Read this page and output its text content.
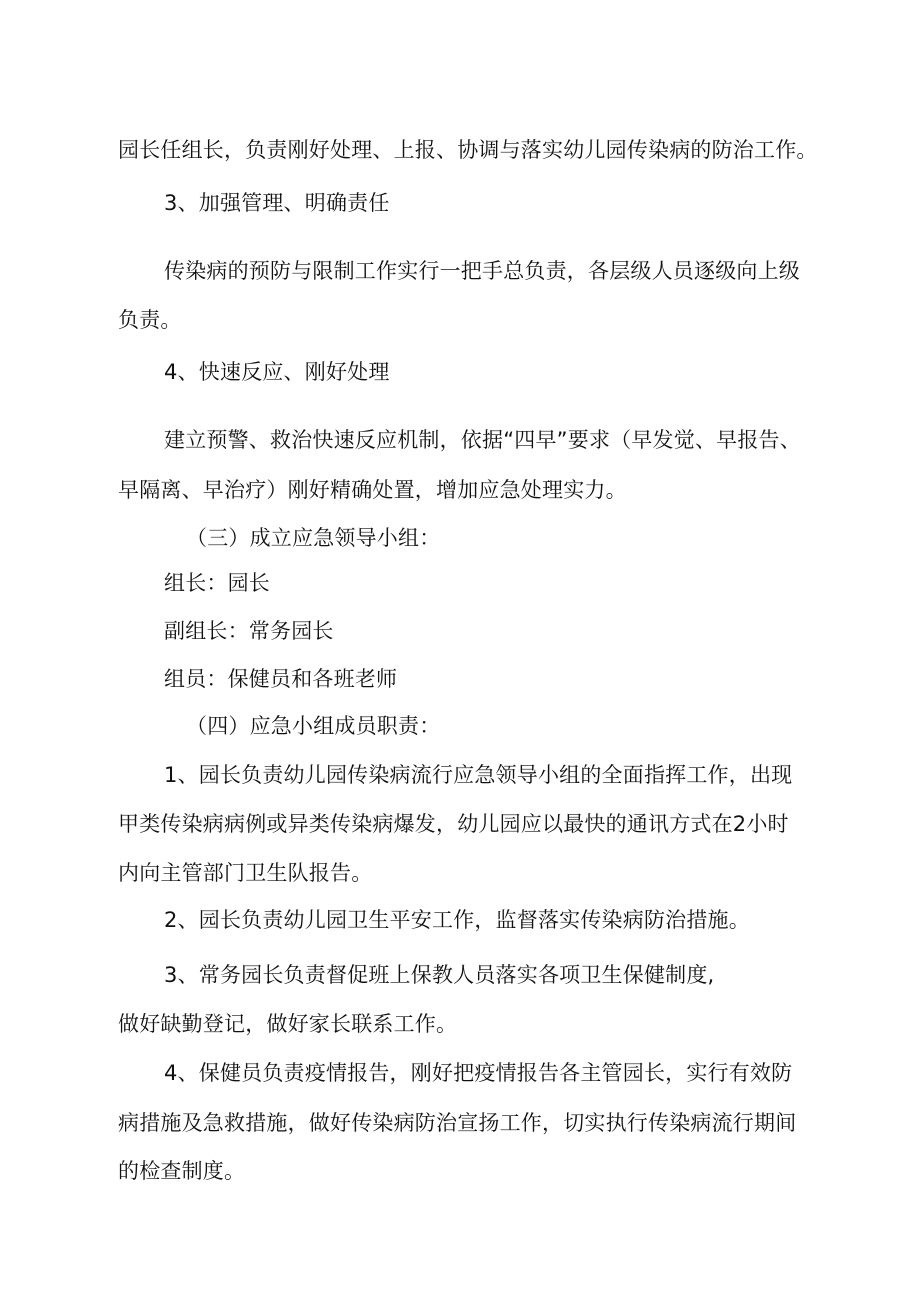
园长任组长，负责刚好处理、上报、协调与落实幼儿园传染病的防治工作。
3、加强管理、明确责任
传染病的预防与限制工作实行一把手总负责，各层级人员逐级向上级
负责。
4、快速反应、刚好处理
建立预警、救治快速反应机制，依据“四早”要求（早发觉、早报告、
早隔离、早治疗）刚好精确处置，增加应急处理实力。
（三）成立应急领导小组：
组长：园长
副组长：常务园长
组员：保健员和各班老师
（四）应急小组成员职责：
1、园长负责幼儿园传染病流行应急领导小组的全面指挥工作，出现
甲类传染病病例或异类传染病爆发，幼儿园应以最快的通讯方式在2小时
内向主管部门卫生队报告。
2、园长负责幼儿园卫生平安工作，监督落实传染病防治措施。
3、常务园长负责督促班上保教人员落实各项卫生保健制度,
做好缺勤登记，做好家长联系工作。
4、保健员负责疫情报告，刚好把疫情报告各主管园长，实行有效防
病措施及急救措施，做好传染病防治宣扬工作，切实执行传染病流行期间
的检查制度。
